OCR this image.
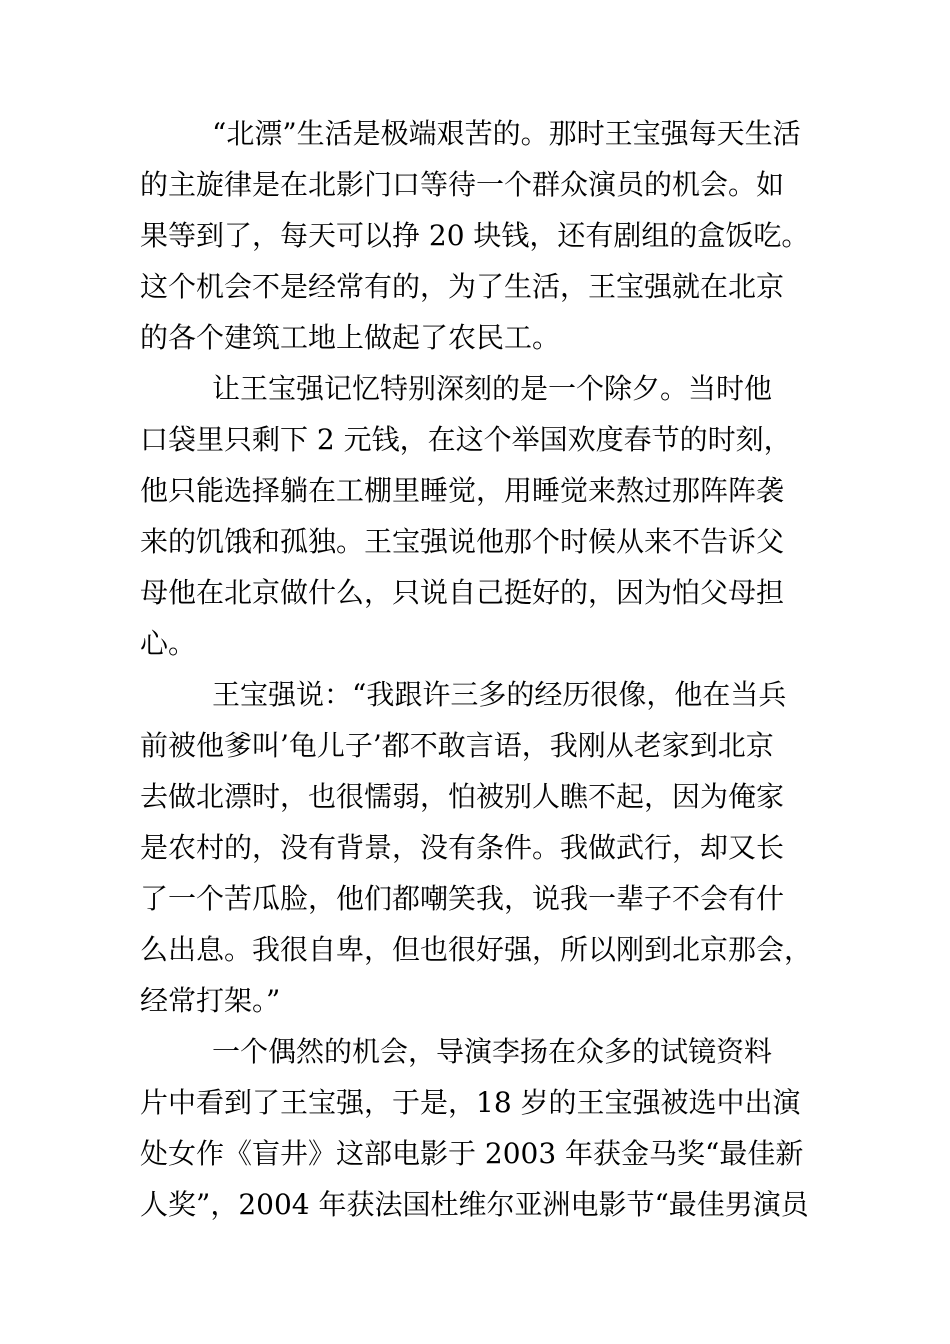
“北漂”生活是极端艰苦的。那时王宝强每天生活
的主旋律是在北影门口等待一个群众演员的机会。如
果等到了，每天可以挣 20 块钱，还有剧组的盒饭吃。
这个机会不是经常有的，为了生活，王宝强就在北京
的各个建筑工地上做起了农民工。
让王宝强记忆特别深刻的是一个除夕。当时他
口袋里只剩下 2 元钱，在这个举国欢度春节的时刻，
他只能选择躺在工棚里睡觉，用睡觉来熬过那阵阵袭
来的饥饿和孤独。王宝强说他那个时候从来不告诉父
母他在北京做什么，只说自己挺好的，因为怕父母担
心。
王宝强说：“我跟许三多的经历很像，他在当兵
前被他爹叫’龟儿子’都不敢言语，我刚从老家到北京
去做北漂时，也很懦弱，怕被别人瞧不起，因为俺家
是农村的，没有背景，没有条件。我做武行，却又长
了一个苦瓜脸，他们都嘲笑我，说我一辈子不会有什
么出息。我很自卑，但也很好强，所以刚到北京那会，
经常打架。”
一个偶然的机会，导演李扬在众多的试镜资料
片中看到了王宝强，于是，18 岁的王宝强被选中出演
处女作《盲井》这部电影于 2003 年获金马奖“最佳新
人奖”，2004 年获法国杜维尔亚洲电影节“最佳男演员
